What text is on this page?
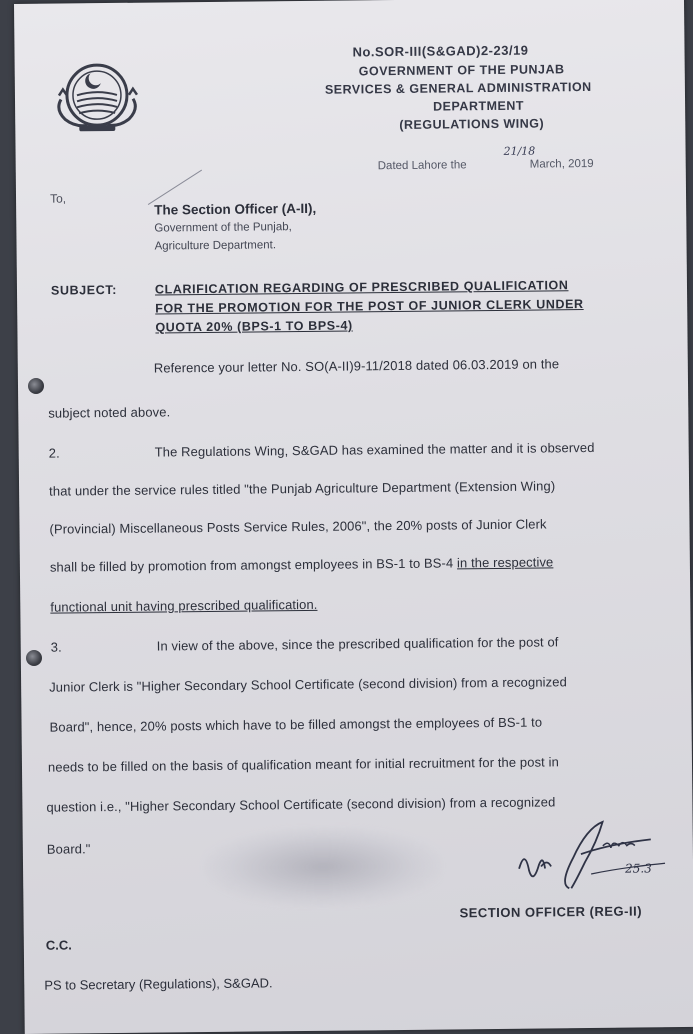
No.SOR-III(S&GAD)2-23/19
GOVERNMENT OF THE PUNJAB
SERVICES & GENERAL ADMINISTRATION
DEPARTMENT
(REGULATIONS WING)
Dated Lahore the
21/18
March, 2019
To,
The Section Officer (A-II),
Government of the Punjab,
Agriculture Department.
SUBJECT:	CLARIFICATION REGARDING OF PRESCRIBED QUALIFICATION
FOR THE PROMOTION FOR THE POST OF JUNIOR CLERK UNDER
QUOTA 20% (BPS-1 TO BPS-4)
Reference your letter No. SO(A-II)9-11/2018 dated 06.03.2019 on the
subject noted above.
2.	The Regulations Wing, S&GAD has examined the matter and it is observed
that under the service rules titled "the Punjab Agriculture Department (Extension Wing)
(Provincial) Miscellaneous Posts Service Rules, 2006", the 20% posts of Junior Clerk
shall be filled by promotion from amongst employees in BS-1 to BS-4 in the respective
functional unit having prescribed qualification.
3.	In view of the above, since the prescribed qualification for the post of
Junior Clerk is "Higher Secondary School Certificate (second division) from a recognized
Board", hence, 20% posts which have to be filled amongst the employees of BS-1 to
needs to be filled on the basis of qualification meant for initial recruitment for the post in
question i.e., "Higher Secondary School Certificate (second division) from a recognized
Board."
25.3
SECTION OFFICER (REG-II)
C.C.
PS to Secretary (Regulations), S&GAD.
